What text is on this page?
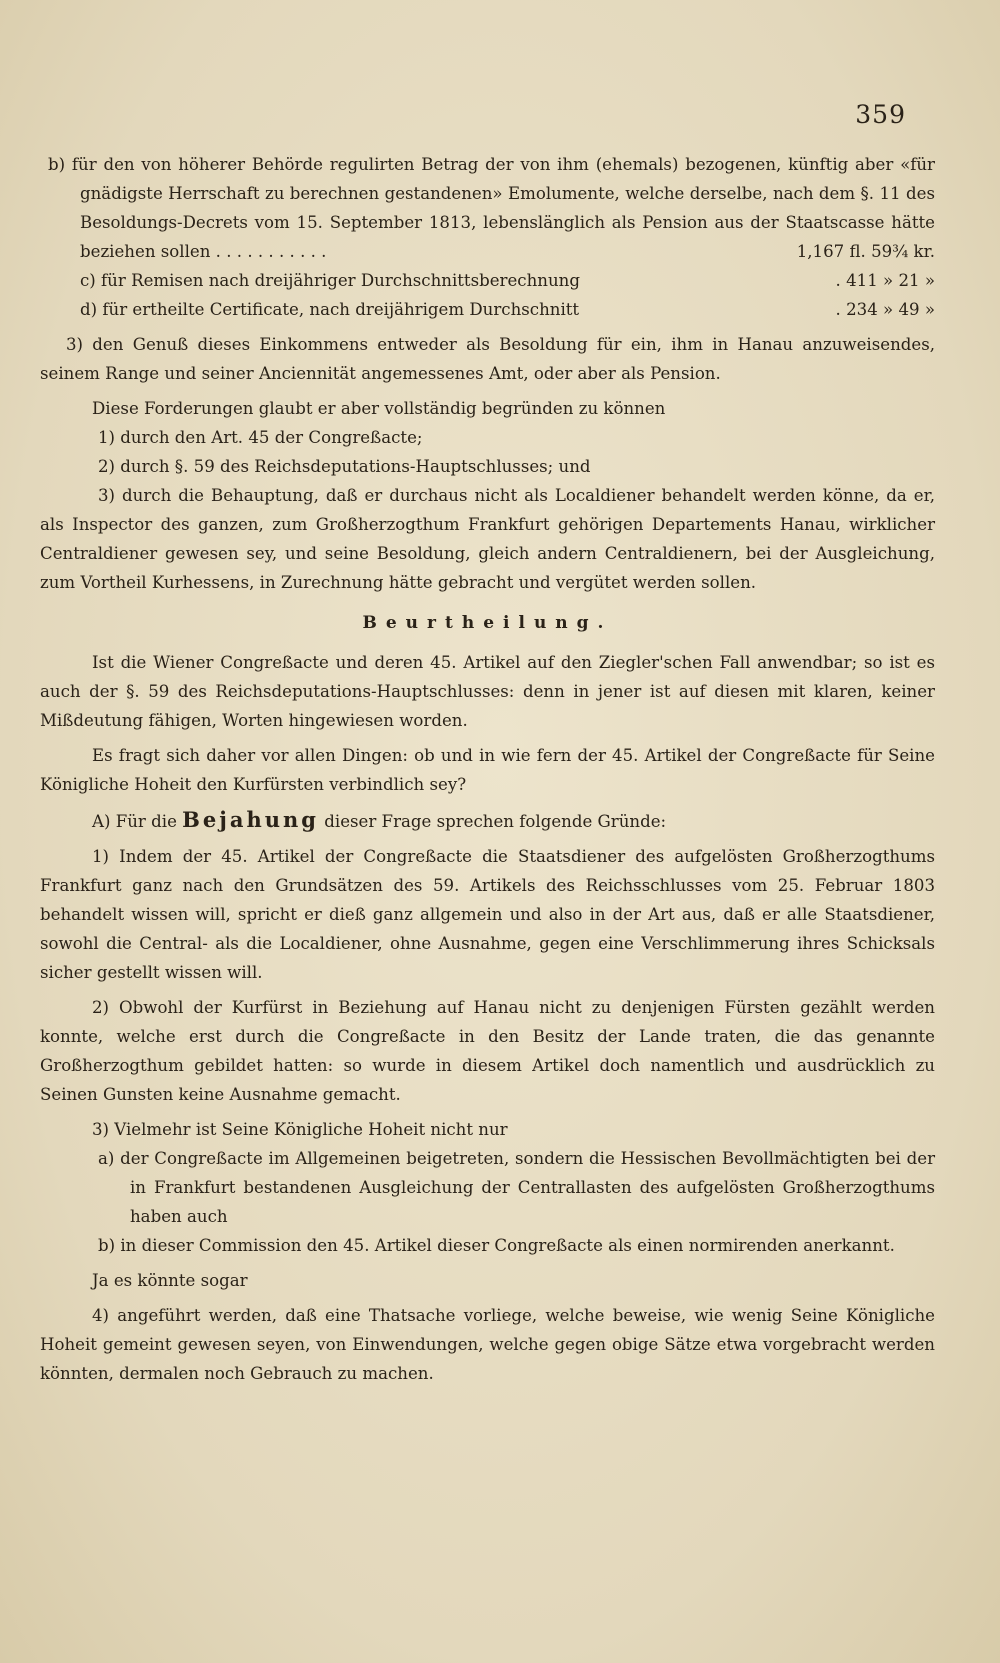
359

b) für den von höherer Behörde regulirten Betrag der von ihm (ehemals) bezogenen, künftig aber «für gnädigste Herrschaft zu berechnen gestandenen» Emolumente, welche derselbe, nach dem §. 11 des Besoldungs-Decrets vom 15. September 1813, lebenslänglich als Pension aus der Staatscasse hätte beziehen sollen . . . . . . . . . . .	1,167 fl. 59¾ kr.

c) für Remisen nach dreijähriger Durchschnittsberechnung	. 411 » 21 »

d) für ertheilte Certificate, nach dreijährigem Durchschnitt	. 234 » 49 »

3) den Genuß dieses Einkommens entweder als Besoldung für ein, ihm in Hanau anzuweisendes, seinem Range und seiner Anciennität angemessenes Amt, oder aber als Pension.

Diese Forderungen glaubt er aber vollständig begründen zu können

1) durch den Art. 45 der Congreßacte;

2) durch §. 59 des Reichsdeputations-Hauptschlusses; und

3) durch die Behauptung, daß er durchaus nicht als Localdiener behandelt werden könne, da er, als Inspector des ganzen, zum Großherzogthum Frankfurt gehörigen Departements Hanau, wirklicher Centraldiener gewesen sey, und seine Besoldung, gleich andern Centraldienern, bei der Ausgleichung, zum Vortheil Kurhessens, in Zurechnung hätte gebracht und vergütet werden sollen.

Beurtheilung.

Ist die Wiener Congreßacte und deren 45. Artikel auf den Ziegler'schen Fall anwendbar; so ist es auch der §. 59 des Reichsdeputations-Hauptschlusses: denn in jener ist auf diesen mit klaren, keiner Mißdeutung fähigen, Worten hingewiesen worden.

Es fragt sich daher vor allen Dingen: ob und in wie fern der 45. Artikel der Congreßacte für Seine Königliche Hoheit den Kurfürsten verbindlich sey?

A) Für die Bejahung dieser Frage sprechen folgende Gründe:

1) Indem der 45. Artikel der Congreßacte die Staatsdiener des aufgelösten Großherzogthums Frankfurt ganz nach den Grundsätzen des 59. Artikels des Reichsschlusses vom 25. Februar 1803 behandelt wissen will, spricht er dieß ganz allgemein und also in der Art aus, daß er alle Staatsdiener, sowohl die Central- als die Localdiener, ohne Ausnahme, gegen eine Verschlimmerung ihres Schicksals sicher gestellt wissen will.

2) Obwohl der Kurfürst in Beziehung auf Hanau nicht zu denjenigen Fürsten gezählt werden konnte, welche erst durch die Congreßacte in den Besitz der Lande traten, die das genannte Großherzogthum gebildet hatten: so wurde in diesem Artikel doch namentlich und ausdrücklich zu Seinen Gunsten keine Ausnahme gemacht.

3) Vielmehr ist Seine Königliche Hoheit nicht nur

a) der Congreßacte im Allgemeinen beigetreten, sondern die Hessischen Bevollmächtigten bei der in Frankfurt bestandenen Ausgleichung der Centrallasten des aufgelösten Großherzogthums haben auch

b) in dieser Commission den 45. Artikel dieser Congreßacte als einen normirenden anerkannt.

Ja es könnte sogar

4) angeführt werden, daß eine Thatsache vorliege, welche beweise, wie wenig Seine Königliche Hoheit gemeint gewesen seyen, von Einwendungen, welche gegen obige Sätze etwa vorgebracht werden könnten, dermalen noch Gebrauch zu machen.
